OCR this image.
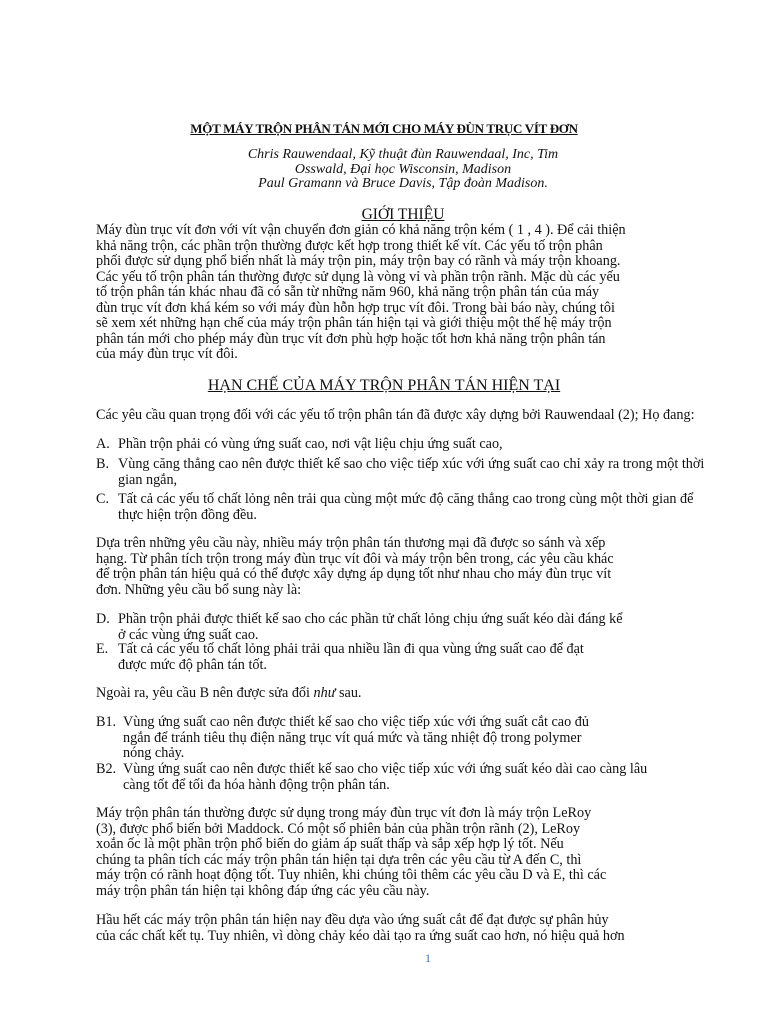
MỘT MÁY TRỘN PHÂN TÁN MỚI CHO MÁY ĐÙN TRỤC VÍT ĐƠN
Chris Rauwendaal, Kỹ thuật đùn Rauwendaal, Inc, Tim
Osswald, Đại học Wisconsin, Madison
Paul Gramann và Bruce Davis, Tập đoàn Madison.
GIỚI THIỆU
Máy đùn trục vít đơn với vít vận chuyển đơn giản có khả năng trộn kém ( 1 , 4 ). Để cải thiện
khả năng trộn, các phần trộn thường được kết hợp trong thiết kế vít. Các yếu tố trộn phân
phối được sử dụng phổ biến nhất là máy trộn pin, máy trộn bay có rãnh và máy trộn khoang.
Các yếu tố trộn phân tán thường được sử dụng là vòng vỉ và phần trộn rãnh. Mặc dù các yếu
tố trộn phân tán khác nhau đã có sẵn từ những năm 960, khả năng trộn phân tán của máy
đùn trục vít đơn khá kém so với máy đùn hỗn hợp trục vít đôi. Trong bài báo này, chúng tôi
sẽ xem xét những hạn chế của máy trộn phân tán hiện tại và giới thiệu một thế hệ máy trộn
phân tán mới cho phép máy đùn trục vít đơn phù hợp hoặc tốt hơn khả năng trộn phân tán
của máy đùn trục vít đôi.
HẠN CHẾ CỦA MÁY TRỘN PHÂN TÁN HIỆN TẠI
Các yêu cầu quan trọng đối với các yếu tố trộn phân tán đã được xây dựng bởi Rauwendaal (2); Họ đang:
A. Phần trộn phải có vùng ứng suất cao, nơi vật liệu chịu ứng suất cao,
B. Vùng căng thẳng cao nên được thiết kế sao cho việc tiếp xúc với ứng suất cao chỉ xảy ra trong một thời
gian ngắn,
C. Tất cả các yếu tố chất lỏng nên trải qua cùng một mức độ căng thẳng cao trong cùng một thời gian để
thực hiện trộn đồng đều.
Dựa trên những yêu cầu này, nhiều máy trộn phân tán thương mại đã được so sánh và xếp
hạng. Từ phân tích trộn trong máy đùn trục vít đôi và máy trộn bên trong, các yêu cầu khác
để trộn phân tán hiệu quả có thể được xây dựng áp dụng tốt như nhau cho máy đùn trục vít
đơn. Những yêu cầu bổ sung này là:
D. Phần trộn phải được thiết kế sao cho các phần tử chất lỏng chịu ứng suất kéo dài đáng kể
ở các vùng ứng suất cao.
E. Tất cả các yếu tố chất lỏng phải trải qua nhiều lần đi qua vùng ứng suất cao để đạt
được mức độ phân tán tốt.
Ngoài ra, yêu cầu B nên được sửa đổi như sau.
B1. Vùng ứng suất cao nên được thiết kế sao cho việc tiếp xúc với ứng suất cắt cao đủ
ngắn để tránh tiêu thụ điện năng trục vít quá mức và tăng nhiệt độ trong polymer
nóng chảy.
B2. Vùng ứng suất cao nên được thiết kế sao cho việc tiếp xúc với ứng suất kéo dài cao càng lâu
càng tốt để tối đa hóa hành động trộn phân tán.
Máy trộn phân tán thường được sử dụng trong máy đùn trục vít đơn là máy trộn LeRoy
(3), được phổ biến bởi Maddock. Có một số phiên bản của phần trộn rãnh (2), LeRoy
xoắn ốc là một phần trộn phổ biến do giảm áp suất thấp và sắp xếp hợp lý tốt. Nếu
chúng ta phân tích các máy trộn phân tán hiện tại dựa trên các yêu cầu từ A đến C, thì
máy trộn có rãnh hoạt động tốt. Tuy nhiên, khi chúng tôi thêm các yêu cầu D và E, thì các
máy trộn phân tán hiện tại không đáp ứng các yêu cầu này.
Hầu hết các máy trộn phân tán hiện nay đều dựa vào ứng suất cắt để đạt được sự phân hủy
của các chất kết tụ. Tuy nhiên, vì dòng chảy kéo dài tạo ra ứng suất cao hơn, nó hiệu quả hơn
1
